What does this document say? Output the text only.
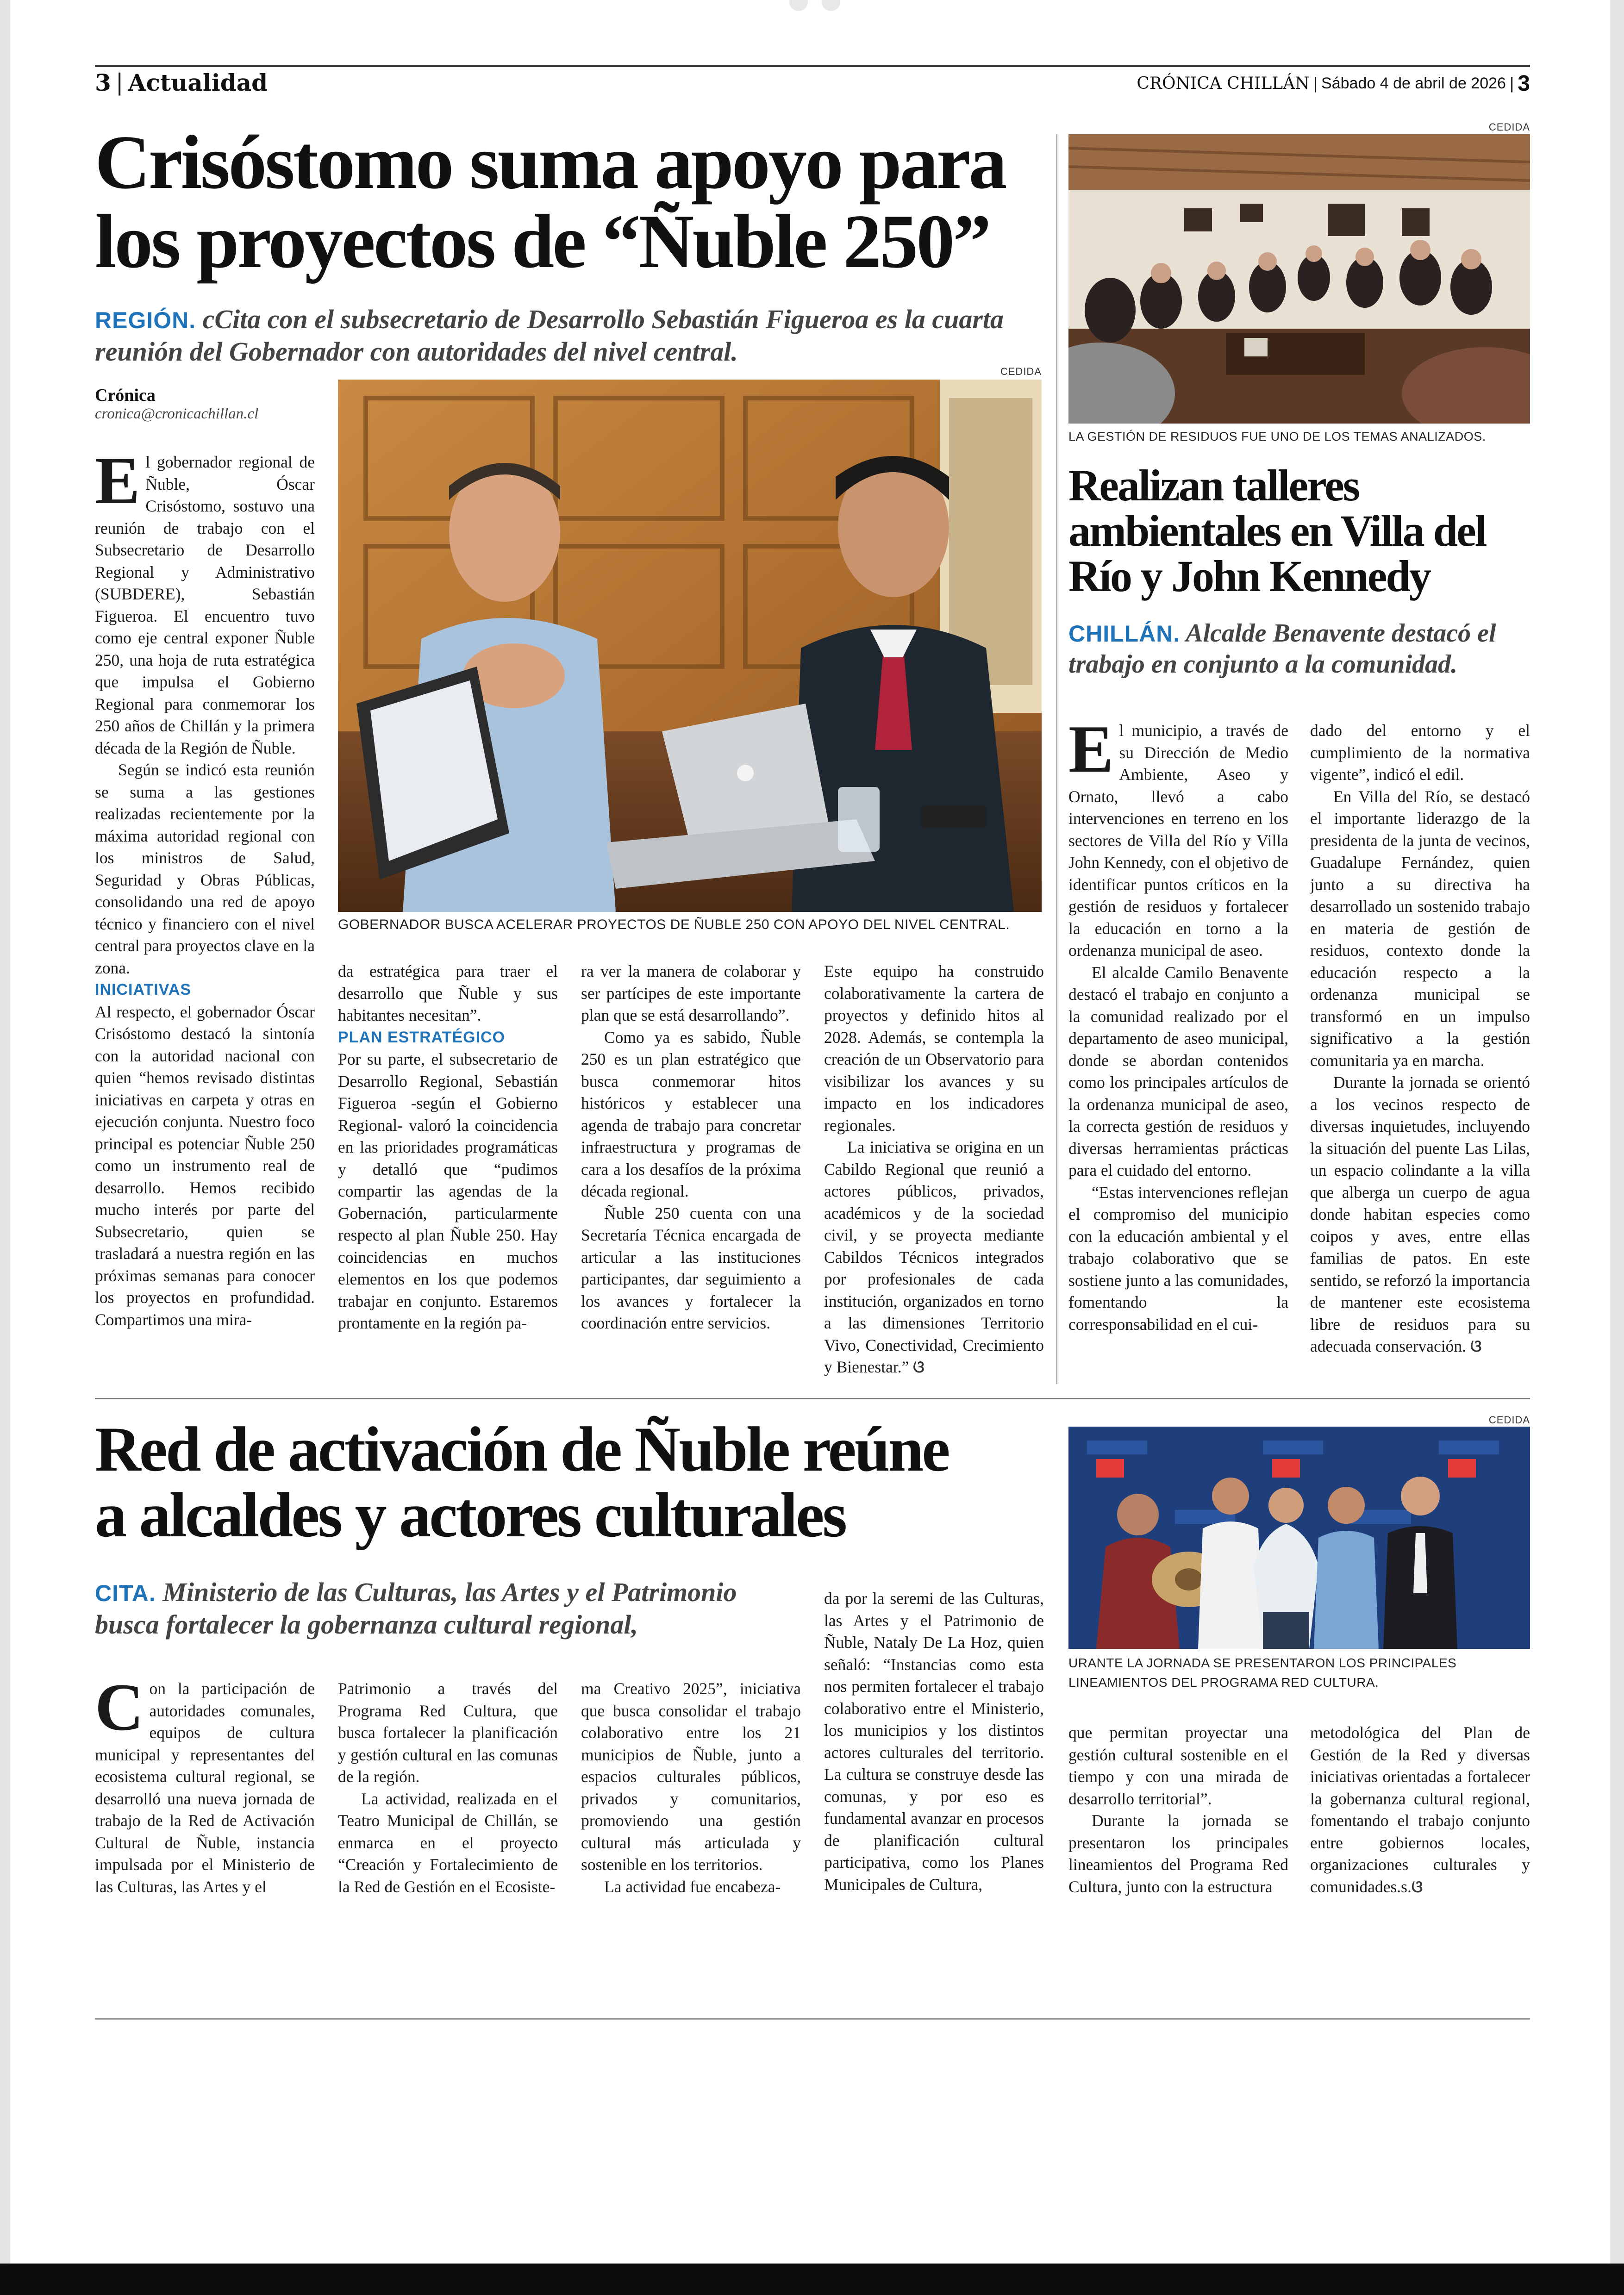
3 | Actualidad	CRÓNICA CHILLÁN | Sábado 4 de abril de 2026 | 3
Crisóstomo suma apoyo para
los proyectos de “Ñuble 250”
REGIÓN. cCita con el subsecretario de Desarrollo Sebastián Figueroa es la cuarta reunión del Gobernador con autoridades del nivel central.
Crónica
cronica@cronicachillan.cl
CEDIDA
GOBERNADOR BUSCA ACELERAR PROYECTOS DE ÑUBLE 250 CON APOYO DEL NIVEL CENTRAL.

El gobernador regional de Ñuble, Óscar Crisóstomo, sostuvo una reunión de trabajo con el Subsecretario de Desarrollo Regional y Administrativo (SUBDERE), Sebastián Figueroa. El encuentro tuvo como eje central exponer Ñuble 250, una hoja de ruta estratégica que impulsa el Gobierno Regional para conmemorar los 250 años de Chillán y la primera década de la Región de Ñuble.

Según se indicó esta reunión se suma a las gestiones realizadas recientemente por la máxima autoridad regional con los ministros de Salud, Seguridad y Obras Públicas, consolidando una red de apoyo técnico y financiero con el nivel central para proyectos clave en la zona.

INICIATIVAS

Al respecto, el gobernador Óscar Crisóstomo destacó la sintonía con la autoridad nacional con quien “hemos revisado distintas iniciativas en carpeta y otras en ejecución conjunta. Nuestro foco principal es potenciar Ñuble 250 como un instrumento real de desarrollo. Hemos recibido mucho interés por parte del Subsecretario, quien se trasladará a nuestra región en las próximas semanas para conocer los proyectos en profundidad. Compartimos una mira-

da estratégica para traer el desarrollo que Ñuble y sus habitantes necesitan”.

PLAN ESTRATÉGICO

Por su parte, el subsecretario de Desarrollo Regional, Sebastián Figueroa -según el Gobierno Regional- valoró la coincidencia en las prioridades programáticas y detalló que “pudimos compartir las agendas de la Gobernación, particularmente respecto al plan Ñuble 250. Hay coincidencias en muchos elementos en los que podemos trabajar en conjunto. Estaremos prontamente en la región pa-

ra ver la manera de colaborar y ser partícipes de este importante plan que se está desarrollando”.

Como ya es sabido, Ñuble 250 es un plan estratégico que busca conmemorar hitos históricos y establecer una agenda de trabajo para concretar infraestructura y programas de cara a los desafíos de la próxima década regional.

Ñuble 250 cuenta con una Secretaría Técnica encargada de articular a las instituciones participantes, dar seguimiento a los avances y fortalecer la coordinación entre servicios.

Este equipo ha construido colaborativamente la cartera de proyectos y definido hitos al 2028. Además, se contempla la creación de un Observatorio para visibilizar los avances y su impacto en los indicadores regionales.

La iniciativa se origina en un Cabildo Regional que reunió a actores públicos, privados, académicos y de la sociedad civil, y se proyecta mediante Cabildos Técnicos integrados por profesionales de cada institución, organizados en torno a las dimensiones Territorio Vivo, Conectividad, Crecimiento y Bienestar.” ଓ

CEDIDA
LA GESTIÓN DE RESIDUOS FUE UNO DE LOS TEMAS ANALIZADOS.
Realizan talleres
ambientales en Villa del
Río y John Kennedy
CHILLÁN. Alcalde Benavente destacó el trabajo en conjunto a la comunidad.

El municipio, a través de su Dirección de Medio Ambiente, Aseo y Ornato, llevó a cabo intervenciones en terreno en los sectores de Villa del Río y Villa John Kennedy, con el objetivo de identificar puntos críticos en la gestión de residuos y fortalecer la educación en torno a la ordenanza municipal de aseo.

El alcalde Camilo Benavente destacó el trabajo en conjunto a la comunidad realizado por el departamento de aseo municipal, donde se abordan contenidos como los principales artículos de la ordenanza municipal de aseo, la correcta gestión de residuos y diversas herramientas prácticas para el cuidado del entorno.

“Estas intervenciones reflejan el compromiso del municipio con la educación ambiental y el trabajo colaborativo que se sostiene junto a las comunidades, fomentando la corresponsabilidad en el cui-

dado del entorno y el cumplimiento de la normativa vigente”, indicó el edil.

En Villa del Río, se destacó el importante liderazgo de la presidenta de la junta de vecinos, Guadalupe Fernández, quien junto a su directiva ha desarrollado un sostenido trabajo en materia de gestión de residuos, contexto donde la educación respecto a la ordenanza municipal se transformó en un impulso significativo a la gestión comunitaria ya en marcha.

Durante la jornada se orientó a los vecinos respecto de diversas inquietudes, incluyendo la situación del puente Las Lilas, un espacio colindante a la villa que alberga un cuerpo de agua donde habitan especies como coipos y aves, entre ellas familias de patos. En este sentido, se reforzó la importancia de mantener este ecosistema libre de residuos para su adecuada conservación. ଓ

Red de activación de Ñuble reúne
a alcaldes y actores culturales
CITA. Ministerio de las Culturas, las Artes y el Patrimonio busca fortalecer la gobernanza cultural regional,
CEDIDA
URANTE LA JORNADA SE PRESENTARON LOS PRINCIPALES LINEAMIENTOS DEL PROGRAMA RED CULTURA.

Con la participación de autoridades comunales, equipos de cultura municipal y representantes del ecosistema cultural regional, se desarrolló una nueva jornada de trabajo de la Red de Activación Cultural de Ñuble, instancia impulsada por el Ministerio de las Culturas, las Artes y el

Patrimonio a través del Programa Red Cultura, que busca fortalecer la planificación y gestión cultural en las comunas de la región.

La actividad, realizada en el Teatro Municipal de Chillán, se enmarca en el proyecto “Creación y Fortalecimiento de la Red de Gestión en el Ecosiste-

ma Creativo 2025”, iniciativa que busca consolidar el trabajo colaborativo entre los 21 municipios de Ñuble, junto a espacios culturales públicos, privados y comunitarios, promoviendo una gestión cultural más articulada y sostenible en los territorios.

La actividad fue encabeza-

da por la seremi de las Culturas, las Artes y el Patrimonio de Ñuble, Nataly De La Hoz, quien señaló: “Instancias como esta nos permiten fortalecer el trabajo colaborativo entre el Ministerio, los municipios y los distintos actores culturales del territorio. La cultura se construye desde las comunas, y por eso es fundamental avanzar en procesos de planificación cultural participativa, como los Planes Municipales de Cultura,

que permitan proyectar una gestión cultural sostenible en el tiempo y con una mirada de desarrollo territorial”.

Durante la jornada se presentaron los principales lineamientos del Programa Red Cultura, junto con la estructura

metodológica del Plan de Gestión de la Red y diversas iniciativas orientadas a fortalecer la gobernanza cultural regional, fomentando el trabajo conjunto entre gobiernos locales, organizaciones culturales y comunidades.s.ଓ
